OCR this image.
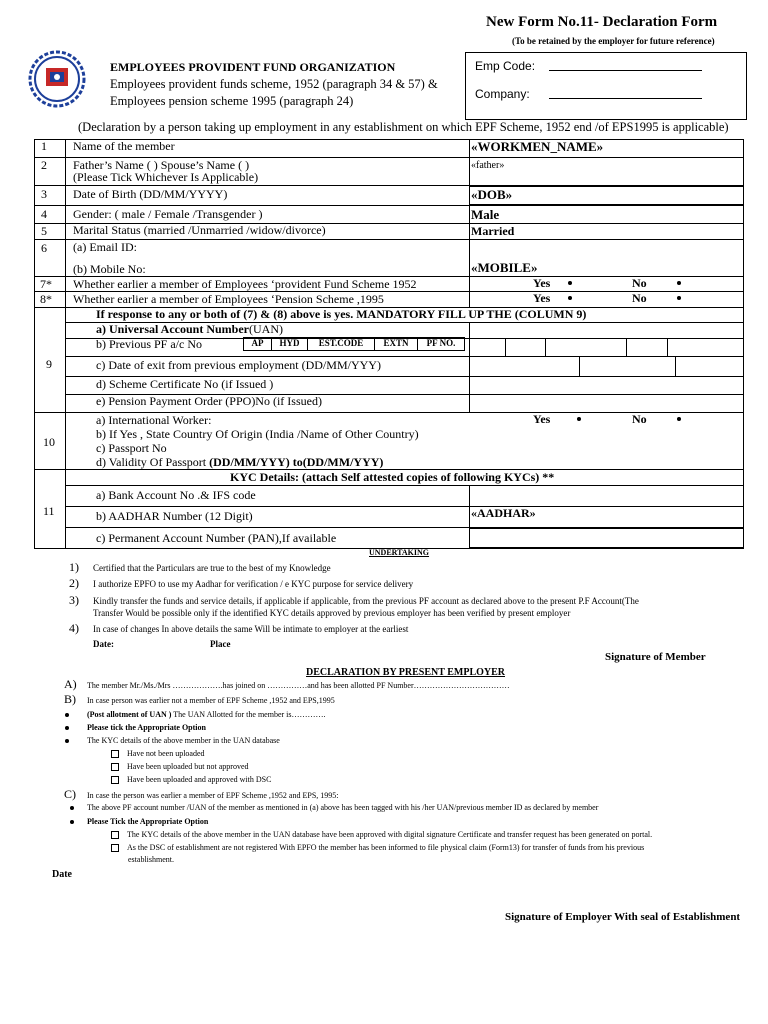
New Form No.11- Declaration Form
(To be retained by the employer for future reference)
EMPLOYEES PROVIDENT FUND ORGANIZATION
Employees provident funds scheme, 1952 (paragraph 34 & 57) &
Employees pension scheme 1995 (paragraph 24)
Emp Code:
Company:
(Declaration by a person taking up employment in any establishment on which EPF Scheme, 1952 end /of EPS1995 is applicable)
1 Name of the member	«WORKMEN_NAME»
2 Father’s Name ( ) Spouse’s Name ( )
(Please Tick Whichever Is Applicable)
«father»
3 Date of Birth (DD/MM/YYYY)	«DOB»
4 Gender: ( male / Female /Transgender )	Male
5 Marital Status (married /Unmarried /widow/divorce)	Married
6 (a) Email ID:
(b) Mobile No:	«MOBILE»
7* Whether earlier a member of Employees ‘provident Fund Scheme 1952	Yes	No
8* Whether earlier a member of Employees ‘Pension Scheme ,1995	Yes	No
9
If response to any or both of (7) & (8) above is yes. MANDATORY FILL UP THE (COLUMN 9)
a) Universal Account Number(UAN)
b) Previous PF a/c No	AP	HYD	EST.CODE	EXTN	PF NO.
c) Date of exit from previous employment (DD/MM/YYY)
d) Scheme Certificate No (if Issued )
e) Pension Payment Order (PPO)No (if Issued)
10
a) International Worker:	Yes	No
b) If Yes , State Country Of Origin (India /Name of Other Country)
c) Passport No
d) Validity Of Passport (DD/MM/YYY) to(DD/MM/YYY)
11
KYC Details: (attach Self attested copies of following KYCs) **
a) Bank Account No .& IFS code
b) AADHAR Number (12 Digit)	«AADHAR»
c) Permanent Account Number (PAN),If available
UNDERTAKING
1) Certified that the Particulars are true to the best of my Knowledge
2) I authorize EPFO to use my Aadhar for verification / e KYC purpose for service delivery
3) Kindly transfer the funds and service details, if applicable if applicable, from the previous PF account as declared above to the present P.F Account(The
Transfer Would be possible only if the identified KYC details approved by previous employer has been verified by present employer
4) In case of changes In above details the same Will be intimate to employer at the earliest
Date:	Place
Signature of Member
DECLARATION BY PRESENT EMPLOYER
A) The member Mr./Ms./Mrs ……………….has joined on ……………and has been allotted PF Number………………………………
B) In case person was earlier not a member of EPF Scheme ,1952 and EPS,1995
(Post allotment of UAN ) The UAN Allotted for the member is………….
Please tick the Appropriate Option
The KYC details of the above member in the UAN database
Have not been uploaded
Have been uploaded but not approved
Have been uploaded and approved with DSC
C) In case the person was earlier a member of EPF Scheme ,1952 and EPS, 1995:
The above PF account number /UAN of the member as mentioned in (a) above has been tagged with his /her UAN/previous member ID as declared by member
Please Tick the Appropriate Option
The KYC details of the above member in the UAN database have been approved with digital signature Certificate and transfer request has been generated on portal.
As the DSC of establishment are not registered With EPFO the member has been informed to file physical claim (Form13) for transfer of funds from his previous
establishment.
Date
Signature of Employer With seal of Establishment
